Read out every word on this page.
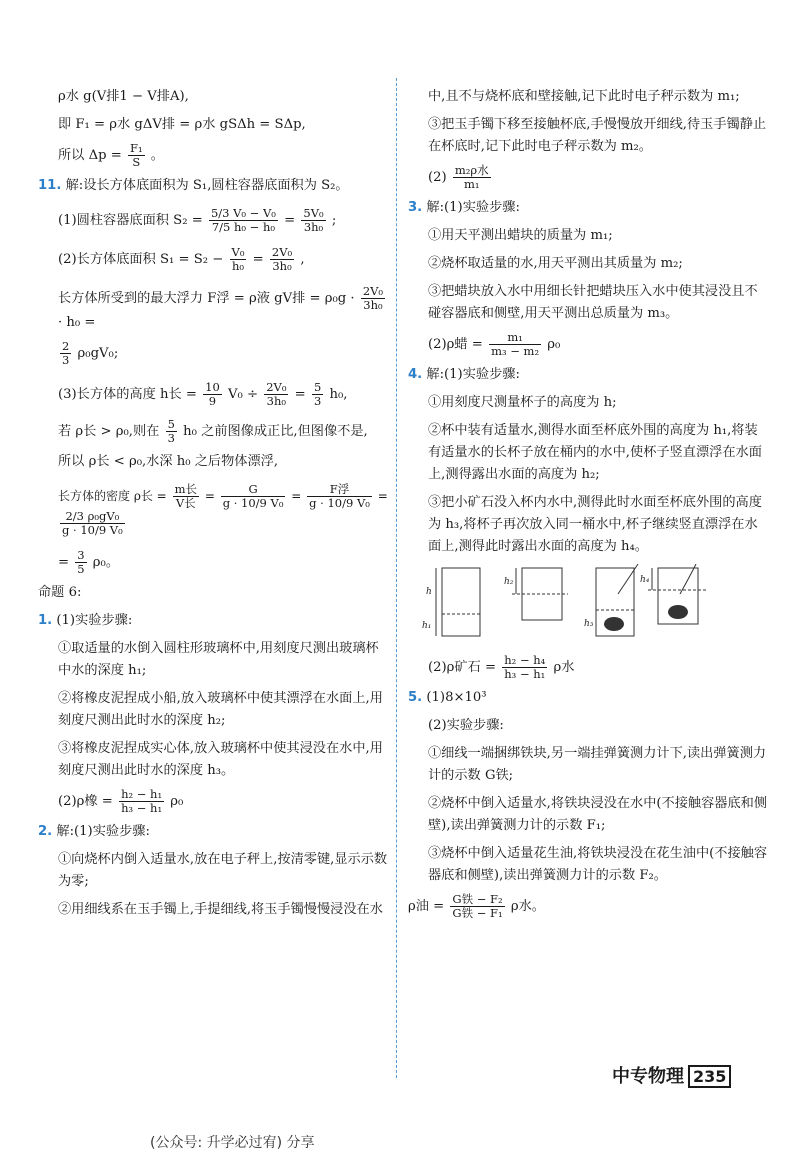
ρ水 g(V排1 − V排A),

即 F₁ = ρ水 gΔV排 = ρ水 gSΔh = SΔp,

所以 $\Delta p = \frac{\text{F₁}}{S}$ 。

11. 解:设长方体底面积为 S₁,圆柱容器底面积为 S₂。

(1)圆柱容器底面积 $S_2 = \frac{\text{5/3 V₀ − V₀}}{\text{7/5 h₀ − h₀}} = \frac{\text{5V₀}}{\text{3h₀}}$ ;

(2)长方体底面积 $S_1 = S_2 - \frac{\text{V₀}}{\text{h₀}} = \frac{\text{2V₀}}{\text{3h₀}}$ ,

长方体所受到的最大浮力 F浮 = ρ液 gV排 = $\rho_0g \cdot \frac{\text{2V₀}}{\text{3h₀}}$
· h₀ =

$\frac{2}{3} \rho_0gV_0$;

(3)长方体的高度 h长 = $\frac{10}{9} V_0 \div \frac{\text{2V₀}}{\text{3h₀}} = \frac{5}{3} h_0$,

若 ρ长 > ρ₀,则在 $\frac{5}{3} h_0$ 之前图像成正比,但图像不是,

所以 ρ长 < ρ₀,水深 h₀ 之后物体漂浮,

长方体的密度 ρ长 = $\frac{\text{m长}}{\text{V长}} = \frac{G}{\text{g · 10/9 V₀}} = \frac{\text{F浮}}{\text{g · 10/9 V₀}}$ =
$\frac{\text{2/3 ρ₀gV₀}}{\text{g · 10/9 V₀}}$

= $\frac{3}{5} \rho_0$。

命题 6:

1. (1)实验步骤:

①取适量的水倒入圆柱形玻璃杯中,用刻度尺测出玻璃杯中水的深度 h₁;

②将橡皮泥捏成小船,放入玻璃杯中使其漂浮在水面上,用刻度尺测出此时水的深度 h₂;

③将橡皮泥捏成实心体,放入玻璃杯中使其浸没在水中,用刻度尺测出此时水的深度 h₃。

(2)ρ橡 = $\frac{\text{h₂ − h₁}}{\text{h₃ − h₁}} \rho_0$

2. 解:(1)实验步骤:

①向烧杯内倒入适量水,放在电子秤上,按清零键,显示示数为零;

②用细线系在玉手镯上,手提细线,将玉手镯慢慢浸没在水

中,且不与烧杯底和壁接触,记下此时电子秤示数为 m₁;

③把玉手镯下移至接触杯底,手慢慢放开细线,待玉手镯静止在杯底时,记下此时电子秤示数为 m₂。

$(2) \frac{\text{m₂ρ水}}{\text{m₁}}$

3. 解:(1)实验步骤:

①用天平测出蜡块的质量为 m₁;

②烧杯取适量的水,用天平测出其质量为 m₂;

③把蜡块放入水中用细长针把蜡块压入水中使其浸没且不碰容器底和侧壁,用天平测出总质量为 m₃。

(2)ρ蜡 = $\frac{\text{m₁}}{\text{m₃ − m₂}} \rho_0$

4. 解:(1)实验步骤:

①用刻度尺测量杯子的高度为 h;

②杯中装有适量水,测得水面至杯底外围的高度为 h₁,将装有适量水的长杯子放在桶内的水中,使杯子竖直漂浮在水面上,测得露出水面的高度为 h₂;

③把小矿石没入杯内水中,测得此时水面至杯底外围的高度为 h₃,将杯子再次放入同一桶水中,杯子继续竖直漂浮在水面上,测得此时露出水面的高度为 h₄。

h
h₁
h₂
h₃
h₄

(2)ρ矿石 = $\frac{\text{h₂ − h₄}}{\text{h₃ − h₁}}$ ρ水

5. (1)8×10³

(2)实验步骤:

①细线一端捆绑铁块,另一端挂弹簧测力计下,读出弹簧测力计的示数 G铁;

②烧杯中倒入适量水,将铁块浸没在水中(不接触容器底和侧壁),读出弹簧测力计的示数 F₁;

③烧杯中倒入适量花生油,将铁块浸没在花生油中(不接触容器底和侧壁),读出弹簧测力计的示数 F₂。

ρ油 = $\frac{\text{G铁 − F₂}}{\text{G铁 − F₁}}$ ρ水。

中专物理 235
(公众号: 升学必过宥) 分享
